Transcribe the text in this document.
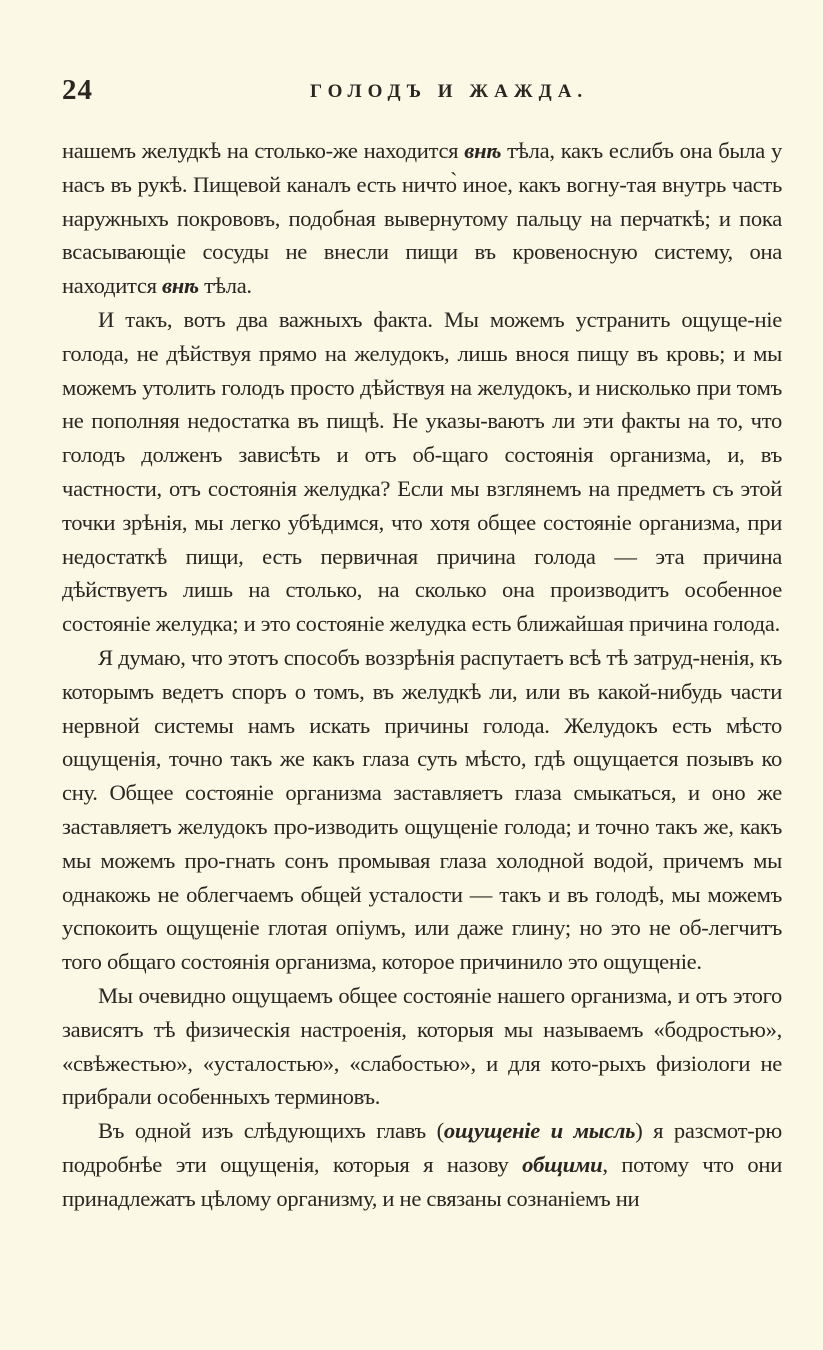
24	ГОЛОДЪ И ЖАЖДА.

нашемъ желудкѣ на столько-же находится внѣ тѣла, какъ еслибъ она была у насъ въ рукѣ. Пищевой каналъ есть ничто̀ иное, какъ вогну-тая внутрь часть наружныхъ покрововъ, подобная вывернутому пальцу на перчаткѣ; и пока всасывающіе сосуды не внесли пищи въ кровеносную систему, она находится внѣ тѣла.

И такъ, вотъ два важныхъ факта. Мы можемъ устранить ощуще-ніе голода, не дѣйствуя прямо на желудокъ, лишь внося пищу въ кровь; и мы можемъ утолить голодъ просто дѣйствуя на желудокъ, и нисколько при томъ не пополняя недостатка въ пищѣ. Не указы-ваютъ ли эти факты на то, что голодъ долженъ зависѣть и отъ об-щаго состоянія организма, и, въ частности, отъ состоянія желудка? Если мы взглянемъ на предметъ съ этой точки зрѣнія, мы легко убѣдимся, что хотя общее состояніе организма, при недостаткѣ пищи, есть первичная причина голода — эта причина дѣйствуетъ лишь на столько, на сколько она производитъ особенное состояніе желудка; и это состояніе желудка есть ближайшая причина голода.

Я думаю, что этотъ способъ воззрѣнія распутаетъ всѣ тѣ затруд-ненія, къ которымъ ведетъ споръ о томъ, въ желудкѣ ли, или въ какой-нибудь части нервной системы намъ искать причины голода. Желудокъ есть мѣсто ощущенія, точно такъ же какъ глаза суть мѣсто, гдѣ ощущается позывъ ко сну. Общее состояніе организма заставляетъ глаза смыкаться, и оно же заставляетъ желудокъ про-изводить ощущеніе голода; и точно такъ же, какъ мы можемъ про-гнать сонъ промывая глаза холодной водой, причемъ мы однакожь не облегчаемъ общей усталости — такъ и въ голодѣ, мы можемъ успокоить ощущеніе глотая опіумъ, или даже глину; но это не об-легчитъ того общаго состоянія организма, которое причинило это ощущеніе.

Мы очевидно ощущаемъ общее состояніе нашего организма, и отъ этого зависятъ тѣ физическія настроенія, которыя мы называемъ «бодростью», «свѣжестью», «усталостью», «слабостью», и для кото-рыхъ физіологи не прибрали особенныхъ терминовъ.

Въ одной изъ слѣдующихъ главъ (ощущеніе и мысль) я разсмот-рю подробнѣе эти ощущенія, которыя я назову общими, потому что они принадлежатъ цѣлому организму, и не связаны сознаніемъ ни
